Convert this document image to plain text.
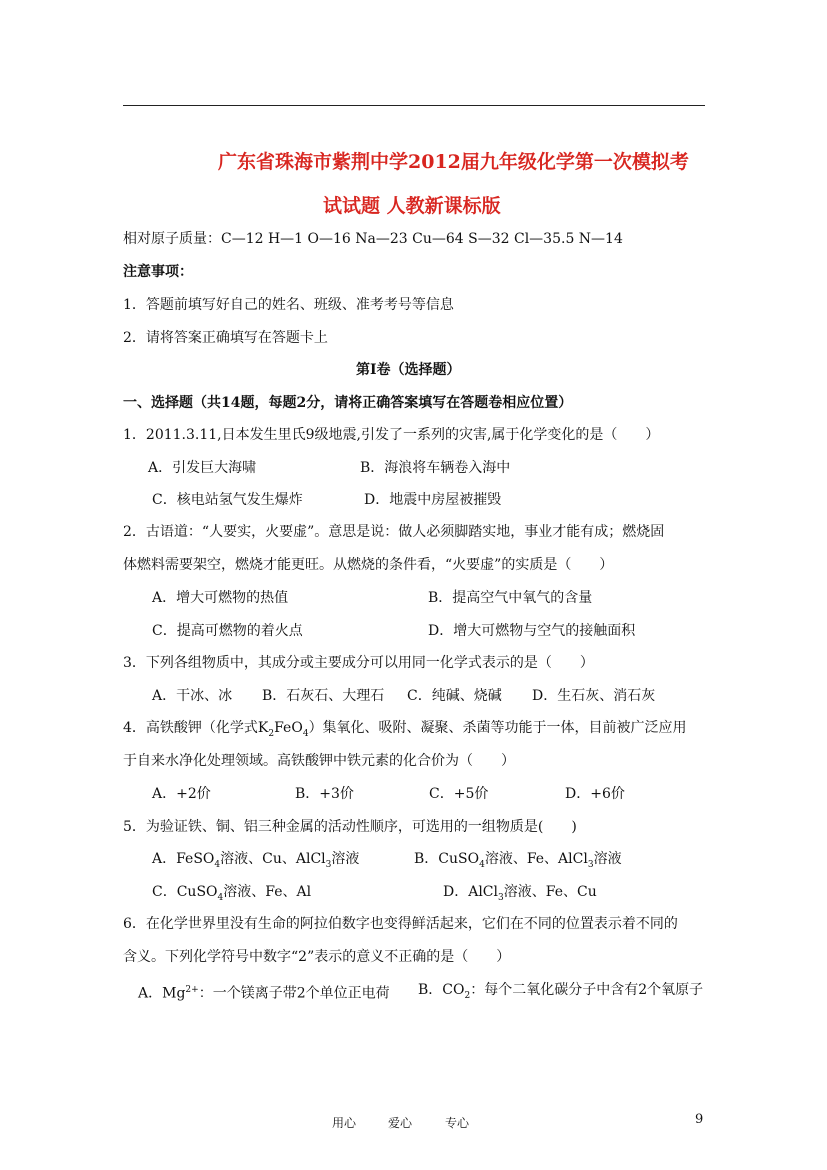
广东省珠海市紫荆中学2012届九年级化学第一次模拟考
试试题 人教新课标版
相对原子质量：C—12 H—1 O—16 Na—23 Cu—64 S—32 Cl—35.5 N—14
注意事项：
1．答题前填写好自己的姓名、班级、准考考号等信息
2．请将答案正确填写在答题卡上
第Ⅰ卷（选择题）
一、选择题（共14题，每题2分，请将正确答案填写在答题卷相应位置）
1．2011.3.11,日本发生里氏9级地震,引发了一系列的灾害,属于化学变化的是（　　）
A．引发巨大海啸	B．海浪将车辆卷入海中
C．核电站氢气发生爆炸	D．地震中房屋被摧毁
2．古语道：“人要实，火要虚”。意思是说：做人必须脚踏实地，事业才能有成；燃烧固
体燃料需要架空，燃烧才能更旺。从燃烧的条件看，“火要虚”的实质是（　　）
A．增大可燃物的热值	B．提高空气中氧气的含量
C．提高可燃物的着火点	D．增大可燃物与空气的接触面积
3．下列各组物质中，其成分或主要成分可以用同一化学式表示的是（　　）
A．干冰、冰 B．石灰石、大理石 C．纯碱、烧碱 D．生石灰、消石灰
4．高铁酸钾（化学式$K_2FeO_4$）集氧化、吸附、凝聚、杀菌等功能于一体，目前被广泛应用
于自来水净化处理领域。高铁酸钾中铁元素的化合价为（　　）
A．+2价	B．+3价	C．+5价	D．+6价
5．为验证铁、铜、铝三种金属的活动性顺序，可选用的一组物质是(　　)
A．FeSO$_4$溶液、Cu、AlCl$_3$溶液	B．CuSO$_4$溶液、Fe、AlCl$_3$溶液
C．CuSO$_4$溶液、Fe、Al	D．AlCl$_3$溶液、Fe、Cu
6．在化学世界里没有生命的阿拉伯数字也变得鲜活起来，它们在不同的位置表示着不同的
含义。下列化学符号中数字“2”表示的意义不正确的是（　　）
A．$Mg^{2+}$：一个镁离子带2个单位正电荷 B．$CO_2$：每个二氧化碳分子中含有2个氧原子
用心	爱心	专心	9
